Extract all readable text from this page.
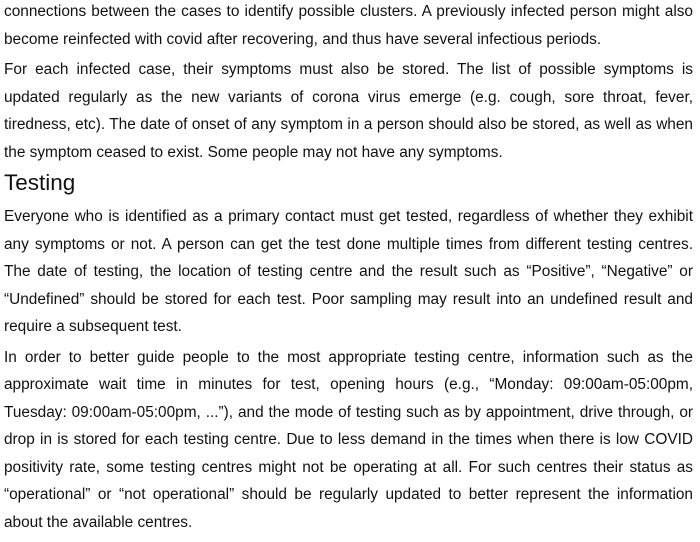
connections between the cases to identify possible clusters. A previously infected person might also become reinfected with covid after recovering, and thus have several infectious periods.

For each infected case, their symptoms must also be stored. The list of possible symptoms is updated regularly as the new variants of corona virus emerge (e.g. cough, sore throat, fever, tiredness, etc). The date of onset of any symptom in a person should also be stored, as well as when the symptom ceased to exist. Some people may not have any symptoms.

Testing

Everyone who is identified as a primary contact must get tested, regardless of whether they exhibit any symptoms or not. A person can get the test done multiple times from different testing centres. The date of testing, the location of testing centre and the result such as “Positive”, “Negative” or “Undefined” should be stored for each test. Poor sampling may result into an undefined result and require a subsequent test.

In order to better guide people to the most appropriate testing centre, information such as the approximate wait time in minutes for test, opening hours (e.g., “Monday: 09:00am-05:00pm, Tuesday: 09:00am-05:00pm, ...”), and the mode of testing such as by appointment, drive through, or drop in is stored for each testing centre. Due to less demand in the times when there is low COVID positivity rate, some testing centres might not be operating at all. For such centres their status as “operational” or “not operational” should be regularly updated to better represent the information about the available centres.
